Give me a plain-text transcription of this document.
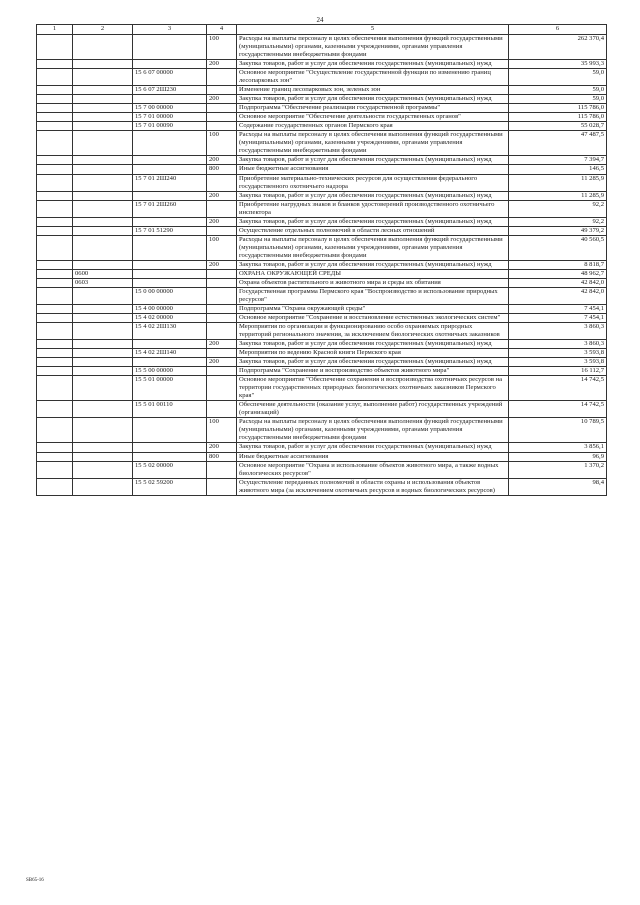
24
1	2	3	4	5	6
			100	Расходы на выплаты персоналу в целях обеспечения выполнения функций государственными (муниципальными) органами, казенными учреждениями, органами управления государственными внебюджетными фондами	262 370,4
			200	Закупка товаров, работ и услуг для обеспечения государственных (муниципальных) нужд	35 993,3
		15 6 07 00000		Основное мероприятие "Осуществление государственной функции по изменению границ лесопарковых зон"	59,0
		15 6 07 2Ш230		Изменение границ лесопарковых зон, зеленых зон	59,0
			200	Закупка товаров, работ и услуг для обеспечения государственных (муниципальных) нужд	59,0
		15 7 00 00000		Подпрограмма "Обеспечение реализации государственной программы"	115 786,0
		15 7 01 00000		Основное мероприятие "Обеспечение деятельности государственных органов"	115 786,0
		15 7 01 00090		Содержание государственных органов Пермского края	55 028,7
			100	Расходы на выплаты персоналу в целях обеспечения выполнения функций государственными (муниципальными) органами, казенными учреждениями, органами управления государственными внебюджетными фондами	47 487,5
			200	Закупка товаров, работ и услуг для обеспечения государственных (муниципальных) нужд	7 394,7
			800	Иные бюджетные ассигнования	146,5
		15 7 01 2Ш240		Приобретение материально-технических ресурсов для осуществления федерального государственного охотничьего надзора	11 285,9
			200	Закупка товаров, работ и услуг для обеспечения государственных (муниципальных) нужд	11 285,9
		15 7 01 2Ш260		Приобретение нагрудных знаков и бланков удостоверений производственного охотничьего инспектора	92,2
			200	Закупка товаров, работ и услуг для обеспечения государственных (муниципальных) нужд	92,2
		15 7 01 51290		Осуществление отдельных полномочий в области лесных отношений	49 379,2
			100	Расходы на выплаты персоналу в целях обеспечения выполнения функций государственными (муниципальными) органами, казенными учреждениями, органами управления государственными внебюджетными фондами	40 560,5
			200	Закупка товаров, работ и услуг для обеспечения государственных (муниципальных) нужд	8 818,7
	0600			ОХРАНА ОКРУЖАЮЩЕЙ СРЕДЫ	48 962,7
	0603			Охрана объектов растительного и животного мира и среды их обитания	42 842,0
		15 0 00 00000		Государственная программа Пермского края "Воспроизводство и использование природных ресурсов"	42 842,0
		15 4 00 00000		Подпрограмма "Охрана окружающей среды"	7 454,1
		15 4 02 00000		Основное мероприятие "Сохранение и восстановление естественных экологических систем"	7 454,1
		15 4 02 2Ш130		Мероприятия по организации и функционированию особо охраняемых природных территорий регионального значения, за исключением биологических охотничьих заказников	3 860,3
			200	Закупка товаров, работ и услуг для обеспечения государственных (муниципальных) нужд	3 860,3
		15 4 02 2Ш140		Мероприятия по ведению Красной книги Пермского края	3 593,8
			200	Закупка товаров, работ и услуг для обеспечения государственных (муниципальных) нужд	3 593,8
		15 5 00 00000		Подпрограмма "Сохранение и воспроизводство объектов животного мира"	16 112,7
		15 5 01 00000		Основное мероприятие "Обеспечение сохранения и воспроизводства охотничьих ресурсов на территории государственных природных биологических охотничьих заказников Пермского края"	14 742,5
		15 5 01 00110		Обеспечение деятельности (оказание услуг, выполнение работ) государственных учреждений (организаций)	14 742,5
			100	Расходы на выплаты персоналу в целях обеспечения выполнения функций государственными (муниципальными) органами, казенными учреждениями, органами управления государственными внебюджетными фондами	10 789,5
			200	Закупка товаров, работ и услуг для обеспечения государственных (муниципальных) нужд	3 856,1
			800	Иные бюджетные ассигнования	96,9
		15 5 02 00000		Основное мероприятие "Охрана и использование объектов животного мира, а также водных биологических ресурсов"	1 370,2
		15 5 02 59200		Осуществление переданных полномочий в области охраны и использования объектов животного мира (за исключением охотничьих ресурсов и водных биологических ресурсов)	98,4
SB65-16
